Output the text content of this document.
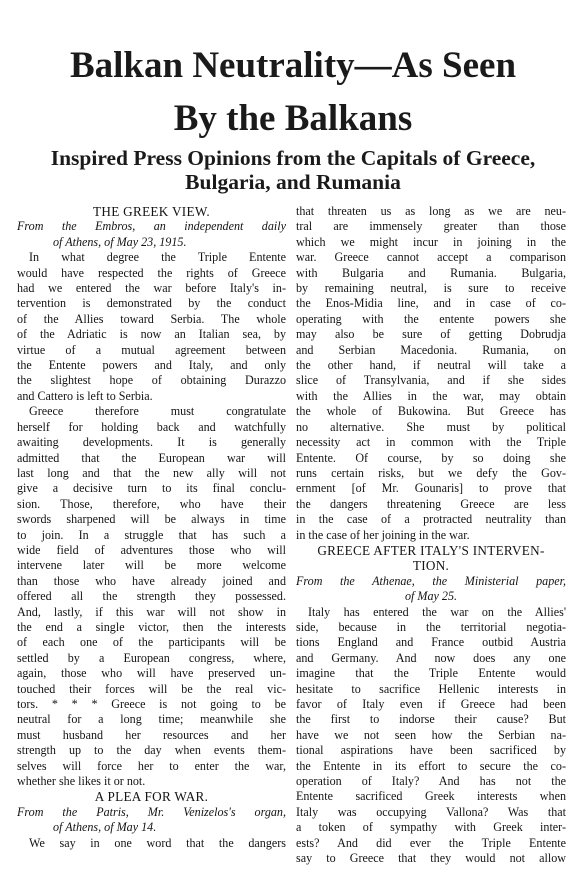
Balkan Neutrality—As Seen
By the Balkans
Inspired Press Opinions from the Capitals of Greece,
Bulgaria, and Rumania
THE GREEK VIEW.
From the Embros, an independent daily
of Athens, of May 23, 1915.
In what degree the Triple Entente
would have respected the rights of Greece
had we entered the war before Italy's in-
tervention is demonstrated by the conduct
of the Allies toward Serbia. The whole
of the Adriatic is now an Italian sea, by
virtue of a mutual agreement between
the Entente powers and Italy, and only
the slightest hope of obtaining Durazzo
and Cattero is left to Serbia.
Greece therefore must congratulate
herself for holding back and watchfully
awaiting developments. It is generally
admitted that the European war will
last long and that the new ally will not
give a decisive turn to its final conclu-
sion. Those, therefore, who have their
swords sharpened will be always in time
to join. In a struggle that has such a
wide field of adventures those who will
intervene later will be more welcome
than those who have already joined and
offered all the strength they possessed.
And, lastly, if this war will not show in
the end a single victor, then the interests
of each one of the participants will be
settled by a European congress, where,
again, those who will have preserved un-
touched their forces will be the real vic-
tors. * * * Greece is not going to be
neutral for a long time; meanwhile she
must husband her resources and her
strength up to the day when events them-
selves will force her to enter the war,
whether she likes it or not.
A PLEA FOR WAR.
From the Patris, Mr. Venizelos's organ,
of Athens, of May 14.
We say in one word that the dangers
that threaten us as long as we are neu-
tral are immensely greater than those
which we might incur in joining in the
war. Greece cannot accept a comparison
with Bulgaria and Rumania. Bulgaria,
by remaining neutral, is sure to receive
the Enos-Midia line, and in case of co-
operating with the entente powers she
may also be sure of getting Dobrudja
and Serbian Macedonia. Rumania, on
the other hand, if neutral will take a
slice of Transylvania, and if she sides
with the Allies in the war, may obtain
the whole of Bukowina. But Greece has
no alternative. She must by political
necessity act in common with the Triple
Entente. Of course, by so doing she
runs certain risks, but we defy the Gov-
ernment [of Mr. Gounaris] to prove that
the dangers threatening Greece are less
in the case of a protracted neutrality than
in the case of her joining in the war.
GREECE AFTER ITALY'S INTERVEN-
TION.
From the Athenae, the Ministerial paper,
of May 25.
Italy has entered the war on the Allies'
side, because in the territorial negotia-
tions England and France outbid Austria
and Germany. And now does any one
imagine that the Triple Entente would
hesitate to sacrifice Hellenic interests in
favor of Italy even if Greece had been
the first to indorse their cause? But
have we not seen how the Serbian na-
tional aspirations have been sacrificed by
the Entente in its effort to secure the co-
operation of Italy? And has not the
Entente sacrificed Greek interests when
Italy was occupying Vallona? Was that
a token of sympathy with Greek inter-
ests? And did ever the Triple Entente
say to Greece that they would not allow
